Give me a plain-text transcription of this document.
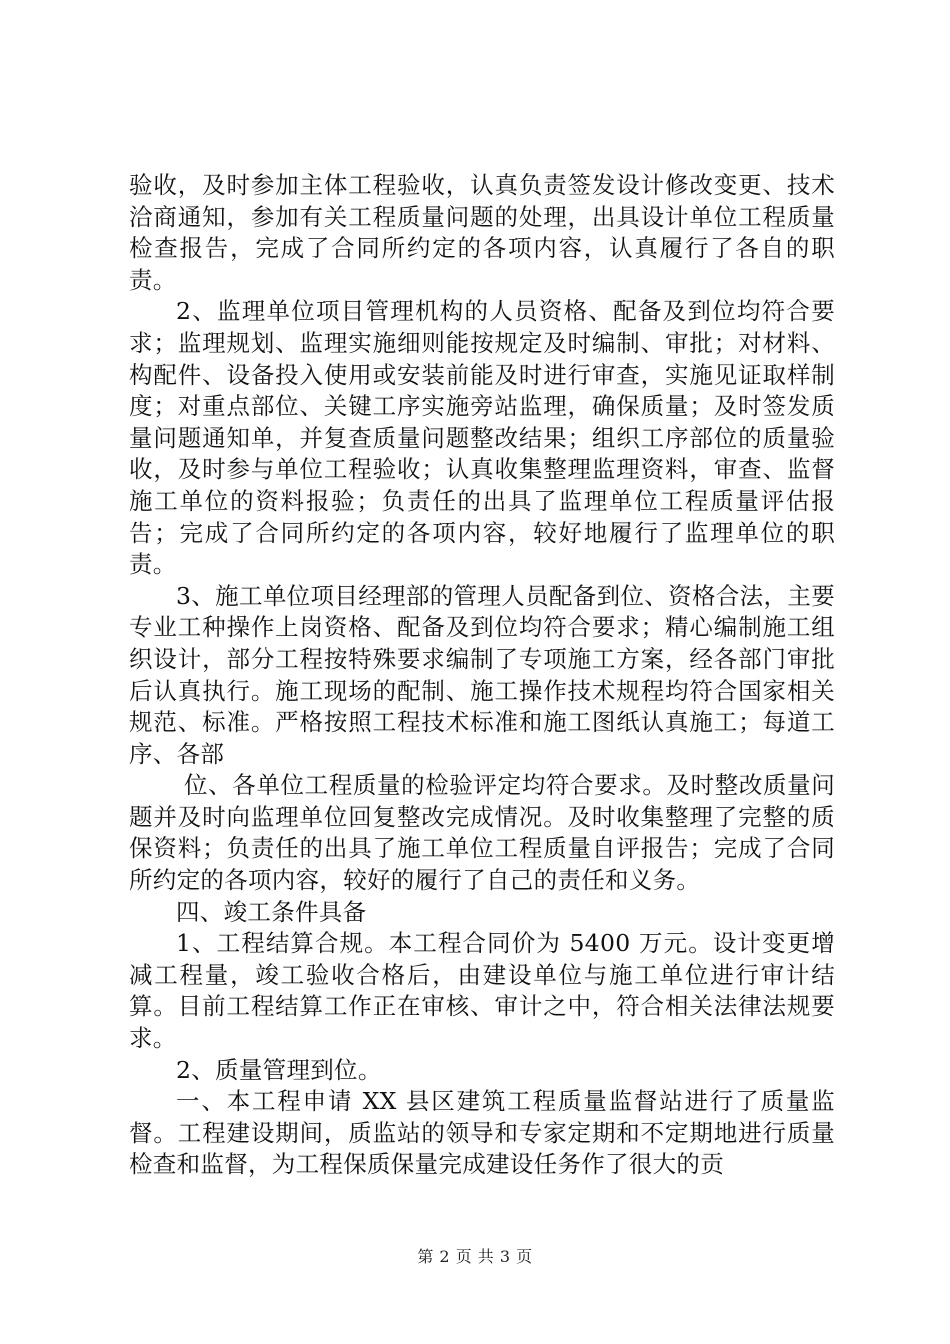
验收，及时参加主体工程验收，认真负责签发设计修改变更、技术洽商通知，参加有关工程质量问题的处理，出具设计单位工程质量检查报告，完成了合同所约定的各项内容，认真履行了各自的职责。

2、监理单位项目管理机构的人员资格、配备及到位均符合要求；监理规划、监理实施细则能按规定及时编制、审批；对材料、构配件、设备投入使用或安装前能及时进行审查，实施见证取样制度；对重点部位、关键工序实施旁站监理，确保质量；及时签发质量问题通知单，并复查质量问题整改结果；组织工序部位的质量验收，及时参与单位工程验收；认真收集整理监理资料，审查、监督施工单位的资料报验；负责任的出具了监理单位工程质量评估报告；完成了合同所约定的各项内容，较好地履行了监理单位的职责。

3、施工单位项目经理部的管理人员配备到位、资格合法，主要专业工种操作上岗资格、配备及到位均符合要求；精心编制施工组织设计，部分工程按特殊要求编制了专项施工方案，经各部门审批后认真执行。施工现场的配制、施工操作技术规程均符合国家相关规范、标准。严格按照工程技术标准和施工图纸认真施工；每道工序、各部

位、各单位工程质量的检验评定均符合要求。及时整改质量问题并及时向监理单位回复整改完成情况。及时收集整理了完整的质保资料；负责任的出具了施工单位工程质量自评报告；完成了合同所约定的各项内容，较好的履行了自己的责任和义务。

四、竣工条件具备

1、工程结算合规。本工程合同价为 5400 万元。设计变更增减工程量，竣工验收合格后，由建设单位与施工单位进行审计结算。目前工程结算工作正在审核、审计之中，符合相关法律法规要求。

2、质量管理到位。

一、本工程申请 XX 县区建筑工程质量监督站进行了质量监督。工程建设期间，质监站的领导和专家定期和不定期地进行质量检查和监督，为工程保质保量完成建设任务作了很大的贡

第 2 页 共 3 页
